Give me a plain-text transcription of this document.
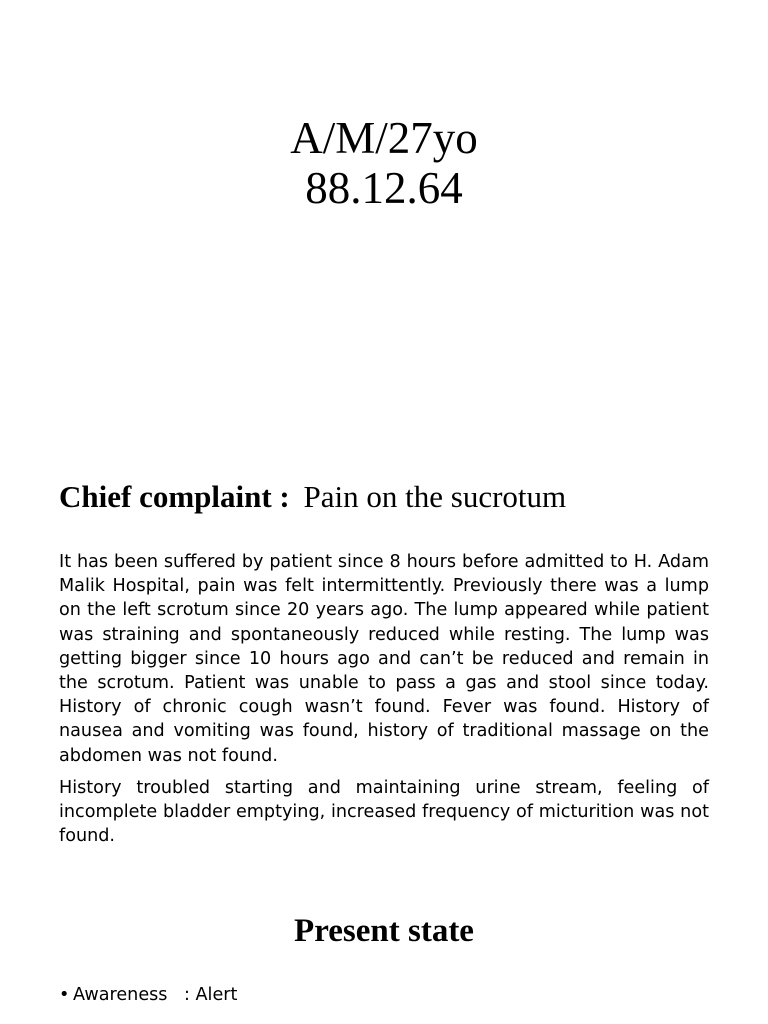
A/M/27yo
88.12.64
Chief complaint : Pain on the sucrotum

It has been suffered by patient since 8 hours before admitted to H. Adam Malik Hospital, pain was felt intermittently. Previously there was a lump on the left scrotum since 20 years ago. The lump appeared while patient was straining and spontaneously reduced while resting. The lump was getting bigger since 10 hours ago and can’t be reduced and remain in the scrotum. Patient was unable to pass a gas and stool since today. History of chronic cough wasn’t found. Fever was found. History of nausea and vomiting was found, history of traditional massage on the abdomen was not found.

History troubled starting and maintaining urine stream, feeling of incomplete bladder emptying, increased frequency of micturition was not found.

Present state
• Awareness : Alert
